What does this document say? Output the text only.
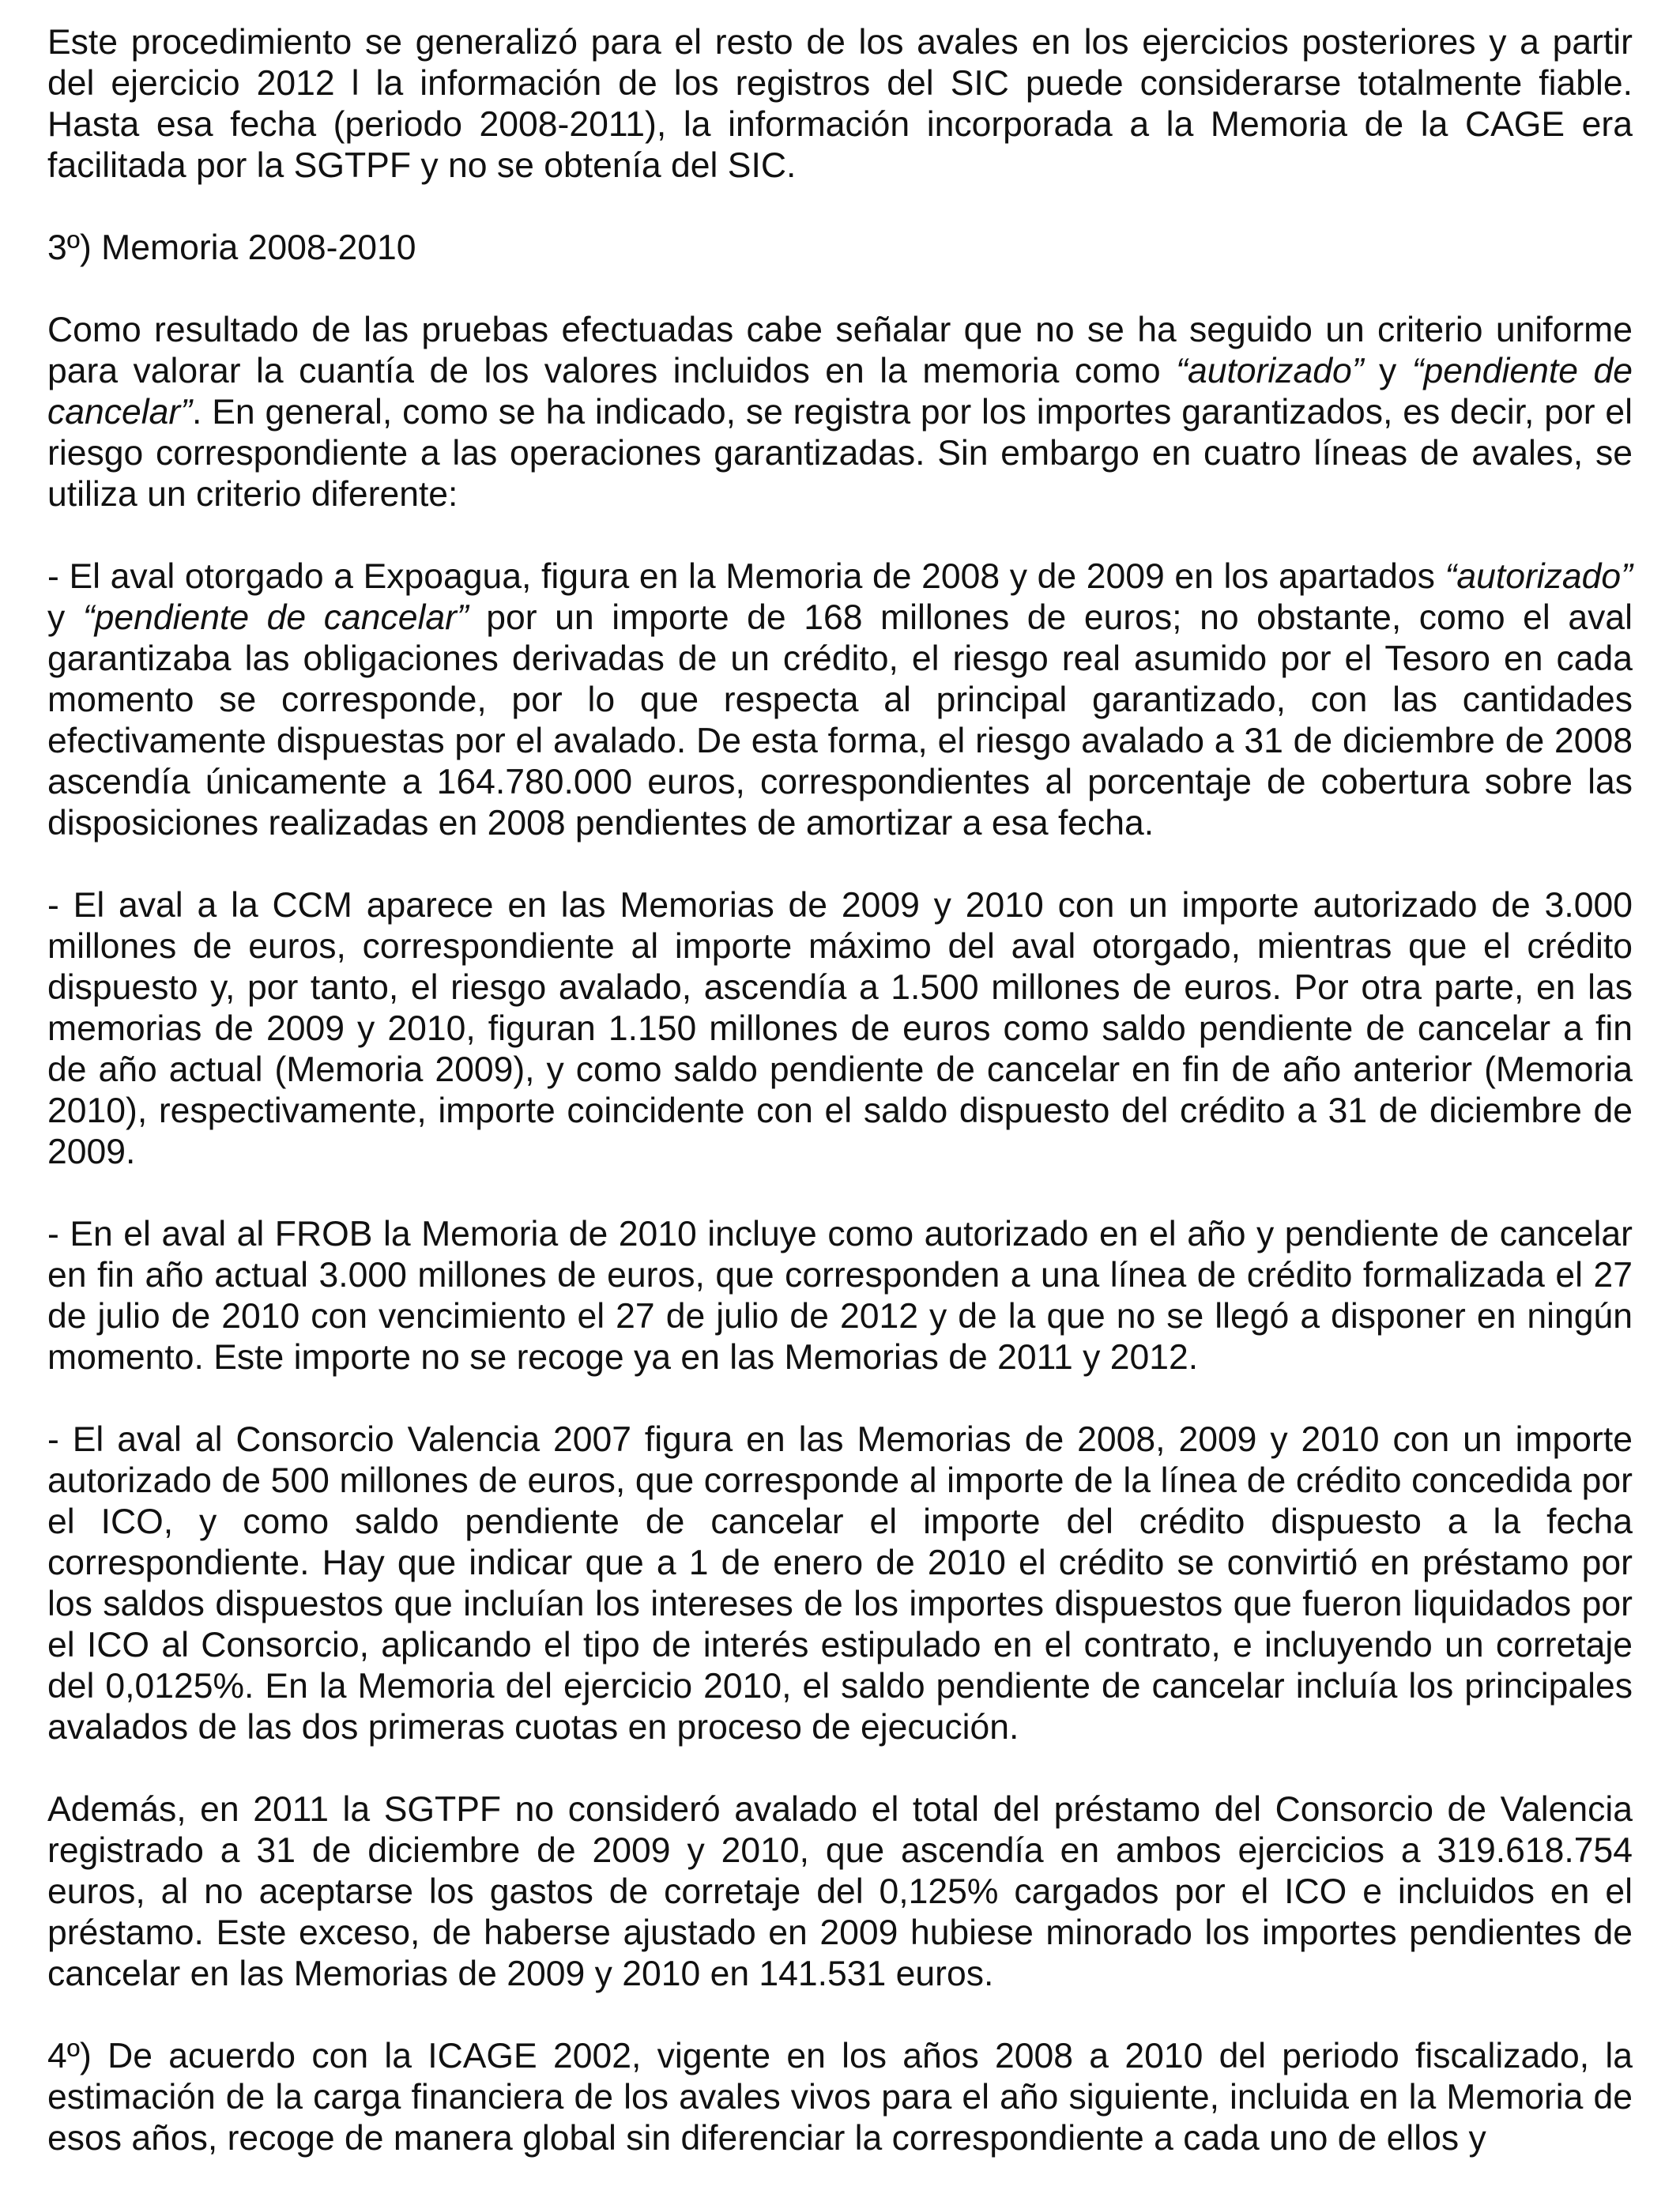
Este procedimiento se generalizó para el resto de los avales en los ejercicios posteriores y a partir del ejercicio 2012 l la información de los registros del SIC puede considerarse totalmente fiable. Hasta esa fecha (periodo 2008-2011), la información incorporada a la Memoria de la CAGE era facilitada por la SGTPF y no se obtenía del SIC.

3º) Memoria 2008-2010

Como resultado de las pruebas efectuadas cabe señalar que no se ha seguido un criterio uniforme para valorar la cuantía de los valores incluidos en la memoria como “autorizado” y “pendiente de cancelar”. En general, como se ha indicado, se registra por los importes garantizados, es decir, por el riesgo correspondiente a las operaciones garantizadas. Sin embargo en cuatro líneas de avales, se utiliza un criterio diferente:

- El aval otorgado a Expoagua, figura en la Memoria de 2008 y de 2009 en los apartados “autorizado” y “pendiente de cancelar” por un importe de 168 millones de euros; no obstante, como el aval garantizaba las obligaciones derivadas de un crédito, el riesgo real asumido por el Tesoro en cada momento se corresponde, por lo que respecta al principal garantizado, con las cantidades efectivamente dispuestas por el avalado. De esta forma, el riesgo avalado a 31 de diciembre de 2008 ascendía únicamente a 164.780.000 euros, correspondientes al porcentaje de cobertura sobre las disposiciones realizadas en 2008 pendientes de amortizar a esa fecha.

- El aval a la CCM aparece en las Memorias de 2009 y 2010 con un importe autorizado de 3.000 millones de euros, correspondiente al importe máximo del aval otorgado, mientras que el crédito dispuesto y, por tanto, el riesgo avalado, ascendía a 1.500 millones de euros. Por otra parte, en las memorias de 2009 y 2010, figuran 1.150 millones de euros como saldo pendiente de cancelar a fin de año actual (Memoria 2009), y como saldo pendiente de cancelar en fin de año anterior (Memoria 2010), respectivamente, importe coincidente con el saldo dispuesto del crédito a 31 de diciembre de 2009.

- En el aval al FROB la Memoria de 2010 incluye como autorizado en el año y pendiente de cancelar en fin año actual 3.000 millones de euros, que corresponden a una línea de crédito formalizada el 27 de julio de 2010 con vencimiento el 27 de julio de 2012 y de la que no se llegó a disponer en ningún momento. Este importe no se recoge ya en las Memorias de 2011 y 2012.

- El aval al Consorcio Valencia 2007 figura en las Memorias de 2008, 2009 y 2010 con un importe autorizado de 500 millones de euros, que corresponde al importe de la línea de crédito concedida por el ICO, y como saldo pendiente de cancelar el importe del crédito dispuesto a la fecha correspondiente. Hay que indicar que a 1 de enero de 2010 el crédito se convirtió en préstamo por los saldos dispuestos que incluían los intereses de los importes dispuestos que fueron liquidados por el ICO al Consorcio, aplicando el tipo de interés estipulado en el contrato, e incluyendo un corretaje del 0,0125%. En la Memoria del ejercicio 2010, el saldo pendiente de cancelar incluía los principales avalados de las dos primeras cuotas en proceso de ejecución.

Además, en 2011 la SGTPF no consideró avalado el total del préstamo del Consorcio de Valencia registrado a 31 de diciembre de 2009 y 2010, que ascendía en ambos ejercicios a 319.618.754 euros, al no aceptarse los gastos de corretaje del 0,125% cargados por el ICO e incluidos en el préstamo. Este exceso, de haberse ajustado en 2009 hubiese minorado los importes pendientes de cancelar en las Memorias de 2009 y 2010 en 141.531 euros.

4º) De acuerdo con la ICAGE 2002, vigente en los años 2008 a 2010 del periodo fiscalizado, la estimación de la carga financiera de los avales vivos para el año siguiente, incluida en la Memoria de esos años, recoge de manera global sin diferenciar la correspondiente a cada uno de ellos y
